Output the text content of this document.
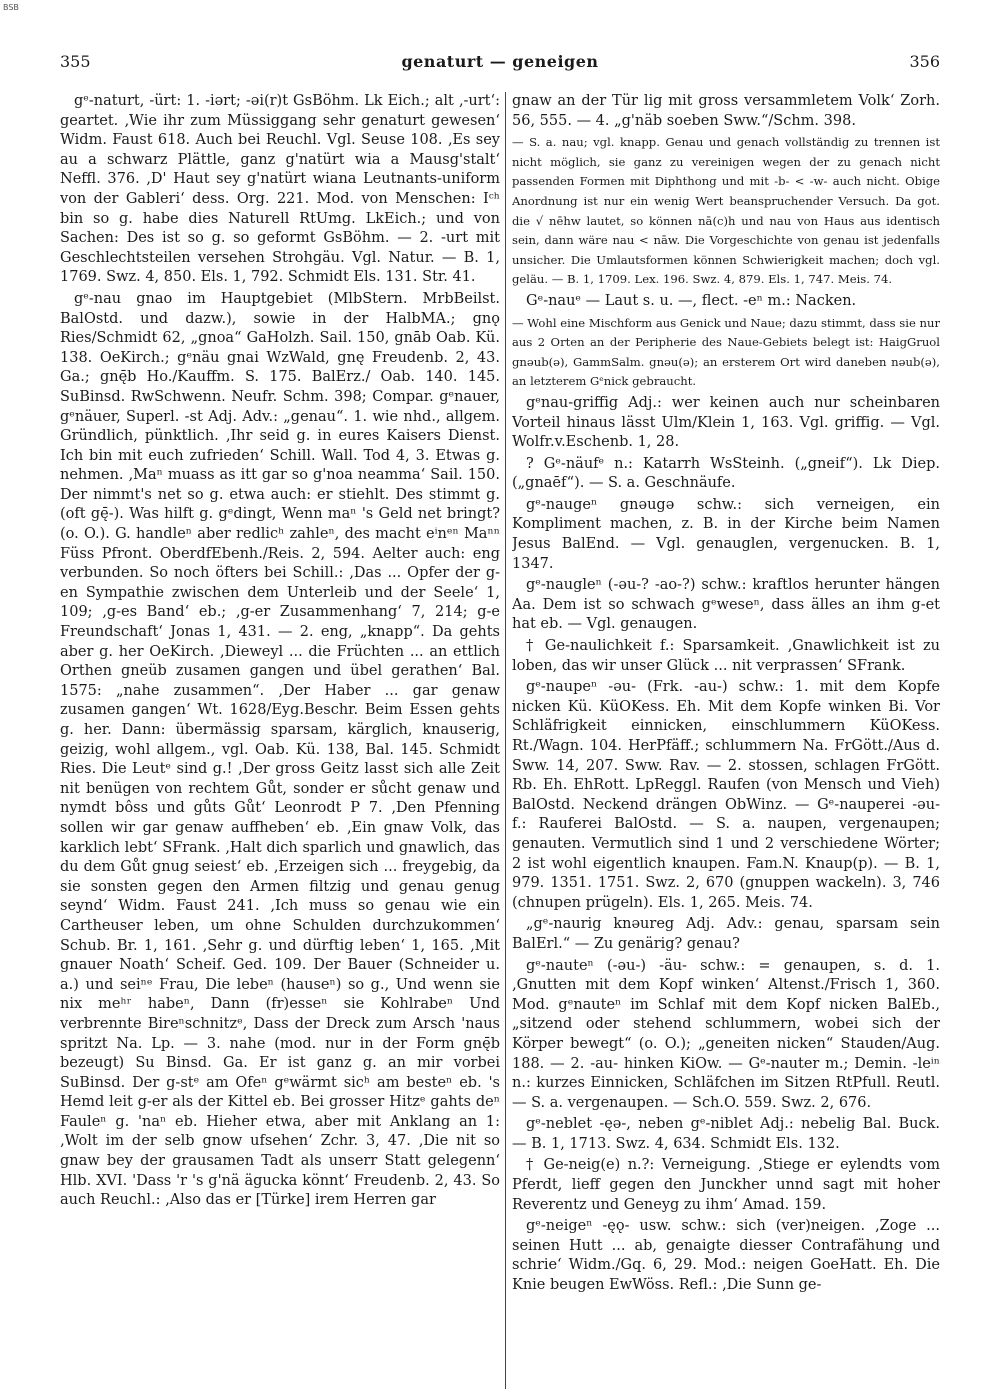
BSB
355	genaturt — geneigen	356

gᵉ-naturt, -ürt: 1. -iərt; -əi(r)t GsBöhm. Lk Eich.; alt ‚-urt‘: geartet. ‚Wie ihr zum Müssiggang sehr genaturt gewesen‘ Widm. Faust 618. Auch bei Reuchl. Vgl. Seuse 108. ‚Es sey au a schwarz Plättle, ganz g'natürt wia a Mausg'stalt‘ Neffl. 376. ‚D' Haut sey g'natürt wiana Leutnants-uniform von der Gableri‘ dess. Org. 221. Mod. von Menschen: Iᶜʰ bin so g. habe dies Naturell RtUmg. LkEich.; und von Sachen: Des ist so g. so geformt GsBöhm. — 2. -urt mit Geschlechtsteilen versehen Strohgäu. Vgl. Natur. — B. 1, 1769. Swz. 4, 850. Els. 1, 792. Schmidt Els. 131. Str. 41.

gᵉ-nau gnao im Hauptgebiet (MlbStern. MrbBeilst. BalOstd. und dazw.), sowie in der HalbMA.; gnǫ Ries/Schmidt 62, „gnoa“ GaHolzh. Sail. 150, gnāb Oab. Kü. 138. OeKirch.; gᵉnäu gnai WzWald, gnę Freudenb. 2, 43. Ga.; gnę̄b Ho./Kauffm. S. 175. BalErz./ Oab. 140. 145. SuBinsd. RwSchwenn. Neufr. Schm. 398; Compar. gᵉnauer, gᵉnäuer, Superl. -st Adj. Adv.: „genau“. 1. wie nhd., allgem. Gründlich, pünktlich. ‚Ihr seid g. in eures Kaisers Dienst. Ich bin mit euch zufrieden‘ Schill. Wall. Tod 4, 3. Etwas g. nehmen. ‚Maⁿ muass as itt gar so g'noa neamma‘ Sail. 150. Der nimmt's net so g. etwa auch: er stiehlt. Des stimmt g. (oft gę̄-). Was hilft g. gᵉdingt, Wenn maⁿ 's Geld net bringt? (o. O.). G. handleⁿ aber redlicʰ zahleⁿ, des macht eⁱnᵉⁿ Maⁿⁿ Füss Pfront. OberdfEbenh./Reis. 2, 594. Aelter auch: eng verbunden. So noch öfters bei Schill.: ‚Das ... Opfer der g-en Sympathie zwischen dem Unterleib und der Seele‘ 1, 109; ‚g-es Band‘ eb.; ‚g-er Zusammenhang‘ 7, 214; g-e Freundschaft‘ Jonas 1, 431. — 2. eng, „knapp“. Da gehts aber g. her OeKirch. ‚Dieweyl ... die Früchten ... an ettlich Orthen gneüb zusamen gangen und übel gerathen‘ Bal. 1575: „nahe zusammen“. ‚Der Haber ... gar genaw zusamen gangen‘ Wt. 1628/Eyg.Beschr. Beim Essen gehts g. her. Dann: übermässig sparsam, kärglich, knauserig, geizig, wohl allgem., vgl. Oab. Kü. 138, Bal. 145. Schmidt Ries. Die Leutᵉ sind g.! ‚Der gross Geitz lasst sich alle Zeit nit benügen von rechtem Gůt, sonder er sůcht genaw und nymdt bôss und gůts Gůt‘ Leonrodt P 7. ‚Den Pfenning sollen wir gar genaw auffheben‘ eb. ‚Ein gnaw Volk, das karklich lebt‘ SFrank. ‚Halt dich sparlich und gnawlich, das du dem Gůt gnug seiest‘ eb. ‚Erzeigen sich ... freygebig, da sie sonsten gegen den Armen filtzig und genau genug seynd‘ Widm. Faust 241. ‚Ich muss so genau wie ein Cartheuser leben, um ohne Schulden durchzukommen‘ Schub. Br. 1, 161. ‚Sehr g. und dürftig leben‘ 1, 165. ‚Mit gnauer Noath‘ Scheif. Ged. 109. Der Bauer (Schneider u. a.) und seiⁿᵉ Frau, Die lebeⁿ (hauseⁿ) so g., Und wenn sie nix meʰʳ habeⁿ, Dann (fr)esseⁿ sie Kohlrabeⁿ Und verbrennte Bireⁿschnitzᵉ, Dass der Dreck zum Arsch 'naus spritzt Na. Lp. — 3. nahe (mod. nur in der Form gnę̄b bezeugt) Su Binsd. Ga. Er ist ganz g. an mir vorbei SuBinsd. Der g-stᵉ am Ofeⁿ gᵉwärmt sicʰ am besteⁿ eb. 's Hemd leit g-er als der Kittel eb. Bei grosser Hitzᵉ gahts deⁿ Fauleⁿ g. 'naⁿ eb. Hieher etwa, aber mit Anklang an 1: ‚Wolt im der selb gnow ufsehen‘ Zchr. 3, 47. ‚Die nit so gnaw bey der grausamen Tadt als unserr Statt gelegenn‘ Hlb. XVI. 'Dass 'r 's g'nä ägucka könnt‘ Freudenb. 2, 43. So auch Reuchl.: ‚Also das er [Türke] irem Herren gar

gnaw an der Tür lig mit gross versammletem Volk‘ Zorh. 56, 555. — 4. „g'näb soeben Sww.“/Schm. 398.

— S. a. nau; vgl. knapp. Genau und genach vollständig zu trennen ist nicht möglich, sie ganz zu vereinigen wegen der zu genach nicht passenden Formen mit Diphthong und mit -b- < -w- auch nicht. Obige Anordnung ist nur ein wenig Wert beanspruchender Versuch. Da got. die √ nēhw lautet, so können nā(c)h und nau von Haus aus identisch sein, dann wäre nau < nāw. Die Vorgeschichte von genau ist jedenfalls unsicher. Die Umlautsformen können Schwierigkeit machen; doch vgl. geläu. — B. 1, 1709. Lex. 196. Swz. 4, 879. Els. 1, 747. Meis. 74.

Gᵉ-nauᵉ — Laut s. u. —, flect. -eⁿ m.: Nacken.

— Wohl eine Mischform aus Genick und Naue; dazu stimmt, dass sie nur aus 2 Orten an der Peripherie des Naue-Gebiets belegt ist: HaigGruol gnəub(ə), GammSalm. gnəu(ə); an ersterem Ort wird daneben nəub(ə), an letzterem Gᵉnick gebraucht.

gᵉnau-griffig Adj.: wer keinen auch nur scheinbaren Vorteil hinaus lässt Ulm/Klein 1, 163. Vgl. griffig. — Vgl. Wolfr.v.Eschenb. 1, 28.

? Gᵉ-näufᵉ n.: Katarrh WsSteinh. („gneif“). Lk Diep. („gnaēf“). — S. a. Geschnäufe.

gᵉ-naugeⁿ gnəugə schw.: sich verneigen, ein Kompliment machen, z. B. in der Kirche beim Namen Jesus BalEnd. — Vgl. genauglen, vergenucken. B. 1, 1347.

gᵉ-naugleⁿ (-əu-? -ao-?) schw.: kraftlos herunter hängen Aa. Dem ist so schwach gᵉweseⁿ, dass älles an ihm g-et hat eb. — Vgl. genaugen.

† Ge-naulichkeit f.: Sparsamkeit. ‚Gnawlichkeit ist zu loben, das wir unser Glück ... nit verprassen‘ SFrank.

gᵉ-naupeⁿ -əu- (Frk. -au-) schw.: 1. mit dem Kopfe nicken Kü. KüOKess. Eh. Mit dem Kopfe winken Bi. Vor Schläfrigkeit einnicken, einschlummern KüOKess. Rt./Wagn. 104. HerPfäff.; schlummern Na. FrGött./Aus d. Sww. 14, 207. Sww. Rav. — 2. stossen, schlagen FrGött. Rb. Eh. EhRott. LpReggl. Raufen (von Mensch und Vieh) BalOstd. Neckend drängen ObWinz. — Gᵉ-nauperei -əu- f.: Rauferei BalOstd. — S. a. naupen, vergenaupen; genauten. Vermutlich sind 1 und 2 verschiedene Wörter; 2 ist wohl eigentlich knaupen. Fam.N. Knaup(p). — B. 1, 979. 1351. 1751. Swz. 2, 670 (gnuppen wackeln). 3, 746 (chnupen prügeln). Els. 1, 265. Meis. 74.

„gᵉ-naurig knəureg Adj. Adv.: genau, sparsam sein BalErl.“ — Zu genärig? genau?

gᵉ-nauteⁿ (-əu-) -äu- schw.: = genaupen, s. d. 1. ‚Gnutten mit dem Kopf winken‘ Altenst./Frisch 1, 360. Mod. gᵉnauteⁿ im Schlaf mit dem Kopf nicken BalEb., „sitzend oder stehend schlummern, wobei sich der Körper bewegt“ (o. O.); „geneiten nicken“ Stauden/Aug. 188. — 2. -au- hinken KiOw. — Gᵉ-nauter m.; Demin. -leⁱⁿ n.: kurzes Einnicken, Schläfchen im Sitzen RtPfull. Reutl. — S. a. vergenaupen. — Sch.O. 559. Swz. 2, 676.

gᵉ-neblet -ęə-, neben gᵉ-niblet Adj.: nebelig Bal. Buck. — B. 1, 1713. Swz. 4, 634. Schmidt Els. 132.

† Ge-neig(e) n.?: Verneigung. ‚Stiege er eylendts vom Pferdt, lieff gegen den Junckher unnd sagt mit hoher Reverentz und Geneyg zu ihm‘ Amad. 159.

gᵉ-neigeⁿ -ęǫ- usw. schw.: sich (ver)neigen. ‚Zoge ... seinen Hutt ... ab, genaigte diesser Contrafähung und schrie‘ Widm./Gq. 6, 29. Mod.: neigen GoeHatt. Eh. Die Knie beugen EwWöss. Refl.: ‚Die Sunn ge-
